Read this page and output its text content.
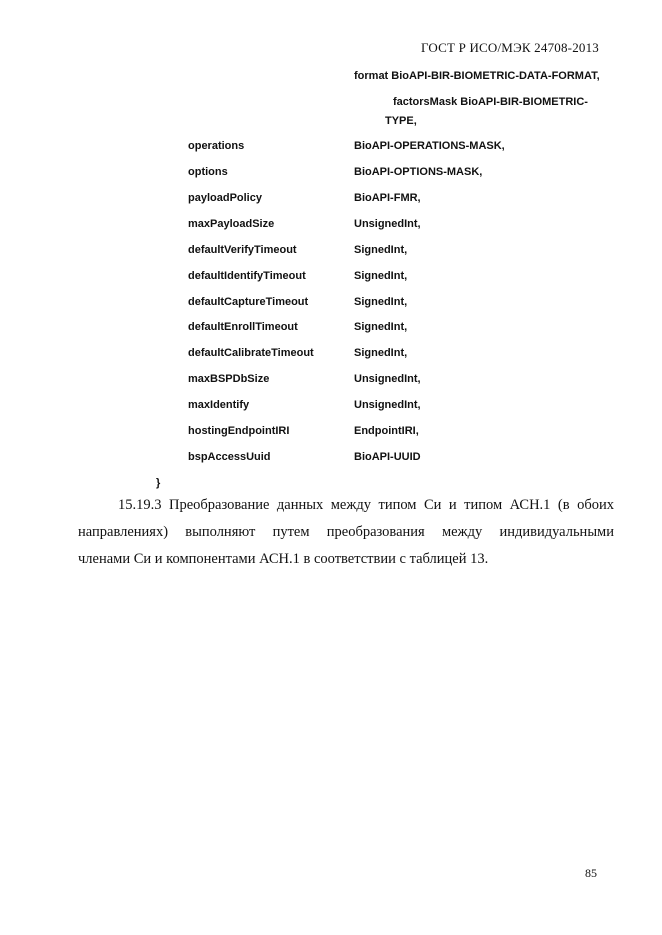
ГОСТ Р ИСО/МЭК 24708-2013
format BioAPI-BIR-BIOMETRIC-DATA-FORMAT,
factorsMask BioAPI-BIR-BIOMETRIC-
TYPE,
operations	BioAPI-OPERATIONS-MASK,
options	BioAPI-OPTIONS-MASK,
payloadPolicy	BioAPI-FMR,
maxPayloadSize	UnsignedInt,
defaultVerifyTimeout	SignedInt,
defaultIdentifyTimeout	SignedInt,
defaultCaptureTimeout	SignedInt,
defaultEnrollTimeout	SignedInt,
defaultCalibrateTimeout	SignedInt,
maxBSPDbSize	UnsignedInt,
maxIdentify	UnsignedInt,
hostingEndpointIRI	EndpointIRI,
bspAccessUuid	BioAPI-UUID
}
15.19.3 Преобразование данных между типом Си и типом АСН.1 (в обоих
направлениях) выполняют путем преобразования между индивидуальными
членами Си и компонентами АСН.1 в соответствии с таблицей 13.
85
